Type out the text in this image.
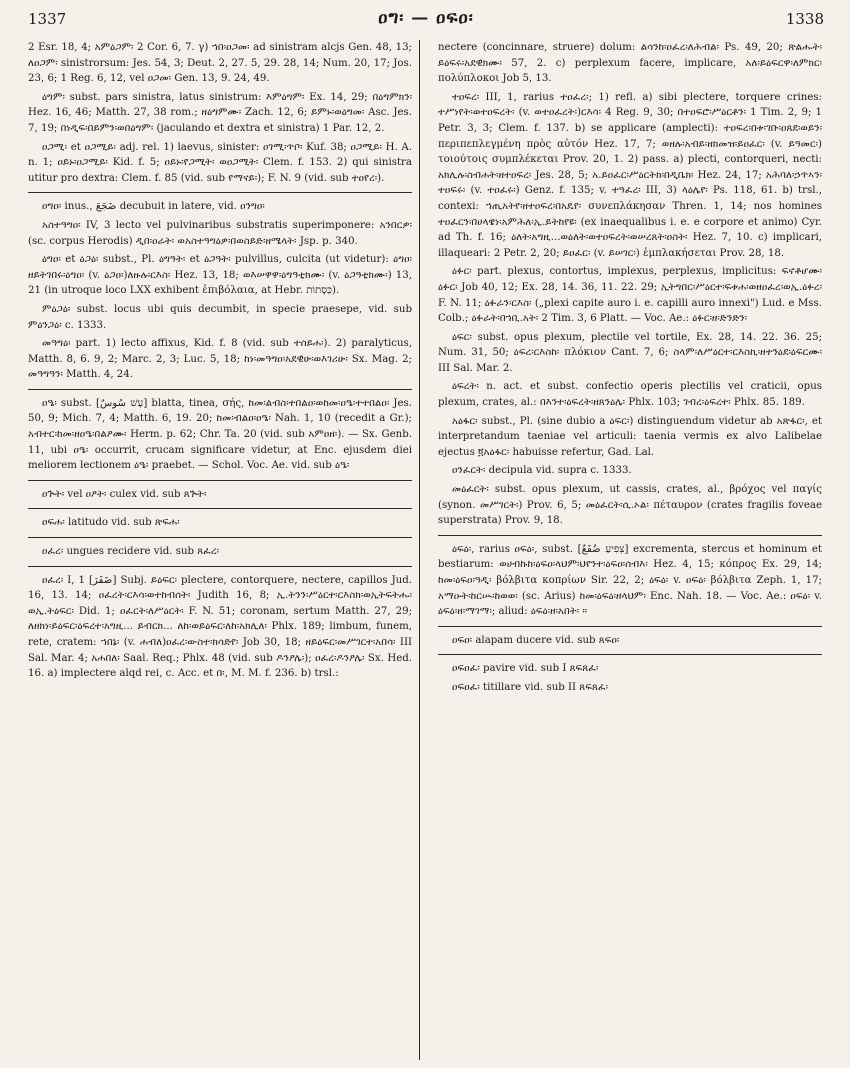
1337	ዐግ፡ — ዐፍዐ፡	1338

2 Esr. 18, 4; አምዕጋም፡ 2 Cor. 6, 7. γ) ኀበ፡ዐጋመ፡ ad sinistram alcjs Gen. 48, 13; ለዐጋም፡ sinistrorsum: Jes. 54, 3; Deut. 2, 27. 5, 29. 28, 14; Num. 20, 17; Jos. 23, 6; 1 Reg. 6, 12, vel ዐጋመ፡ Gen. 13, 9. 24, 49.

ዕግም፡ subst. pars sinistra, latus sinistrum: እምዕግም፡ Ex. 14, 29; በዕግምክን፡ Hez. 16, 46; Matth. 27, 38 rom.; ዘዕግምሙ፡ Zach. 12, 6; ይምኑ፡ወዕግመ፡ Asc. Jes. 7, 19; በነዲፍ፡በይምን፡ወበዕግም፡ (jaculando et dextra et sinistra) 1 Par. 12, 2.

ዐጋሚ፡ et ዐጋሚይ፡ adj. rel. 1) laevus, sinister: ዐገሚ፡ጥቦ፡ Kuf. 38; ዐጋሚይ፡ H. A. n. 1; ዐይኑ፡ዐጋሚይ፡ Kid. f. 5; ዐይኑ፡የጋሚት፡ ወዐጋሚት፡ Clem. f. 153. 2) qui sinistra utitur pro dextra: Clem. f. 85 (vid. sub የማናይ፡); F. N. 9 (vid. sub ተዐየረ፡).

ዐግዐ፡ inus., ضَجَعَ decubuit in latere, vid. ዐንግዐ፡

አስተዓግዐ፡ IV, 3 lecto vel pulvinaribus substratis superimponere: አንበርዎ፡ (sc. corpus Herodis) ዲበ፡ዐራት፡ ወአስተዓግዕዎ፡በወስይድ፡ዘሜላት፡ Jsp. p. 340.

ዕግዐ፡ et ዕጋዕ፡ subst., Pl. ዕግዓት፡ et ዕጋዓት፡ pulvillus, culcita (ut videtur): ዕግዐ፡ዘይትገበሩ፡ዕግዐ፡ (v. ዕጋዐ፡)ለዙሉ፡ርእስ፡ Hez. 13, 18; ወእሠዋዋ፡ዕግዓቲክሙ፡ (v. ዕጋዓቲክሙ፡) 13, 21 (in utroque loco LXX exhibent ἐπιβόλαια, at Hebr. כְּסָתוֹת).

ምዕጋዕ፡ subst. locus ubi quis decumbit, in specie praesepe, vid. sub ምዕንጋዕ፡ c. 1333.

መዓግዕ፡ part. 1) lecto affixus, Kid. f. 8 (vid. sub ተሰይሐ፡). 2) paralyticus, Matth. 8, 6. 9, 2; Marc. 2, 3; Luc. 5, 18; ከነ፡መዓግዐ፡አደዊሁ፡ወእገሪሁ፡ Sx. Mag. 2; መዓግዓን፡ Matth. 4, 24.

ዐዔ፡ subst. [עָשׁ سُوسٌ] blatta, tinea, σής, ከመ፡ልብስ፡ተበልዐ፡ወከመ፡ዐዔ፡ተተበልዐ፡ Jes. 50, 9; Mich. 7, 4; Matth. 6, 19. 20; ከመ፡ብልዐ፡ዐዔ፡ Nah. 1, 10 (recedit a Gr.); አብተር፡ከመ፡ዘዐዔ፡በልዖሙ፡ Herm. p. 62; Chr. Ta. 20 (vid. sub አምዐዘ፡). — Sx. Genb. 11, ubi ዐዔ፡ occurrit, crucam significare videtur, at Enc. ejusdem diei meliorem lectionem ዕዔ፡ praebet. — Schol. Voc. Ae. vid. sub ዕዔ፡

ዐጕት፡ vel ዐዖት፡ culex vid. sub ጸጕት፡

ዐፍሐ፡ latitudo vid. sub ጽፍሐ፡

ዐፈረ፡ ungues recidere vid. sub ጸፈረ፡

ዐፈረ፡ I, 1 [ضَفَرَ] Subj. ይዕፍር፡ plectere, contorquere, nectere, capillos Jud. 16, 13. 14; ዐፈረት፡ርእሳ፡ወተከብሰት፡ Judith 16, 8; ኢ.ትንን፡ሥዕርተ፡ርእስክ፡ወኢትፍትሑ፡ወኢ.ትዕፍር፡ Did. 1; ዐፈርት፡ለሥዕርት፡ F. N. 51; coronam, sertum Matth. 27, 29; ለዘክነ፡ይዕፍር፡ዕፍረተ፡አግዚ... ይብርክ... ለከ፡ወይዕፍር፡ለከ፡አክሊለ፡ Phlx. 189; limbum, funem, rete, cratem: ኀበኔ፡ (v. ሐብለ)ዐፈረ፡ውስተ፡ክሳድየ፡ Job 30, 18; ዘይዕፍር፡መሥገርተ፡አበሳ፡ III Sal. Mar. 4; አሐበለ፡ Saal. Req.; Phlx. 48 (vid. sub ዶንዖሌ፡); ዐፈረ፡ዶንዖሌ፡ Sx. Hed. 16. a) implectere alqd rei, c. Acc. et በ፡, M. M. f. 236. b) trsl.:

nectere (concinnare, struere) dolum: ልሳንከ፡ዐፈረ፡ለሕብል፡ Ps. 49, 20; ጽልሑት፡ይዕፍሩ፡አደዊክሙ፡ 57, 2. c) perplexum facere, implicare, አለ፡ይዕፍርዋ፡ለምክር፡ πολύπλοκοι Job 5, 13.

ተዐፍረ፡ III, 1, rarius ተዐፈረ፡; 1) refl. a) sibi plectere, torquere crines: ተሥነየት፡ወተዐፍረት፡ (v. ወተዐፈረት፡)ርእሳ፡ 4 Reg. 9, 30; በተዐፍሮ፡ሥዕርቶን፡ 1 Tim. 2, 9; 1 Petr. 3, 3; Clem. f. 137. b) se applicare (amplecti): ተዐፍረ፡በቱ፡ገቡ፡ዐጸደ፡ወይን፡ περιπεπλεγμένη πρὸς αὐτόν Hez. 17, 7; ወዘሉ፡አብይ፡ዘክመዝ፡ይዐፈር፡ (v. ይዓመር፡) τοιούτοις συμπλέκεται Prov. 20, 1. 2) pass. a) plecti, contorqueri, necti: አክሊሉ፡ስብሐት፡ዘተዐፍረ፡ Jes. 28, 5; አ.ይዐፈር፡ሥዕርትክ፡በዲቤክ፡ Hez. 24, 17; አሕባለ፡ኃጥኣን፡ተዐፍሩ፡ (v. ተዐፈሩ፡) Genz. f. 135; v. ተዓፈረ፡ III, 3) ላዕሌየ፡ Ps. 118, 61. b) trsl., contexi: ኀጢአትየ፡ዘተዐፍረ፡በአዴየ፡ συνεπλάκησαν Thren. 1, 14; nos homines ተዐፈርን፡በሀላዌነ፡አምሕለ፡ኢ.ይትከየዩ፡ (ex inaequalibus i. e. e corpore et animo) Cyr. ad Th. f. 16; ዕለት፡አግዚ...ወዕለት፡ወተዐፍረት፡ወሠረጸት፡ዐስት፡ Hez. 7, 10. c) implicari, illaqueari: 2 Petr. 2, 20; ይዐፈር፡ (v. ይሠገር፡) ἐμπλακήσεται Prov. 28, 18.

ዕፉር፡ part. plexus, contortus, implexus, perplexus, implicitus: ፍኖቶሆሙ፡ዕፉር፡ Job 40, 12; Ex. 28, 14. 36, 11. 22. 29; ኢትግበር፡ሥዕርተ፡ፍቱሐ፡ወዘዐፈረ፡ወኢ.ዕፉረ፡ F. N. 11; ዕፉራን፡ርእስ፡ („plexi capite auro i. e. capilli auro innexi") Lud. e Mss. Colb.; ዕፉራት፡በኀቢ.አት፡ 2 Tim. 3, 6 Platt. — Voc. Ae.: ዕፉር፡ዘ፡ድንድን፡

ዕፍር፡ subst. opus plexum, plectile vel tortile, Ex. 28, 14. 22. 36. 25; Num. 31, 50; ዕፍረ፡ርእስከ፡ πλόκιον Cant. 7, 6; ስላም፡ለሥዕርተ፡ርእስኪ፡ዘተንዕደ፡ዕፍርሙ፡ III Sal. Mar. 2.

ዕፍረት፡ n. act. et subst. confectio operis plectilis vel craticii, opus plexum, crates, al.: በእንተ፡ዕፍረት፡ዘጸንዕሌ፡ Phlx. 103; ገብረ፡ዕፍረተ፡ Phlx. 85. 189.

አዕፋር፡ subst., Pl. (sine dubio a ዕፍር፡) distinguendum videtur ab አጽፋር፡, et interpretandum taeniae vel articuli: taenia vermis ex alvo Lalibelae ejectus ፬አዕፋር፡ habuisse refertur, Gad. Lal.

ዐንፈርት፡ decipula vid. supra c. 1333.

መዕፈርት፡ subst. opus plexum, ut cassis, crates, al., βρόχος vel παγίς (synon. መሥገርት፡) Prov. 6, 5; መዕፈርት፡ሲ.ኦል፡ πέταυρον (crates fragilis foveae superstrata) Prov. 9, 18.

ዕፍዕ፡, rarius ዐፍዕ፡, subst. [צְפִיעַ ضُفَعٌ] excrementa, stercus et hominum et bestiarum: ወሀብኩከ፡ዕፍዐ፡ላህም፡ህየንተ፡ዕፍዐ፡ሰብእ፡ Hez. 4, 15; κόπρος Ex. 29, 14; ከመ፡ዕፍዐ፡ዓዲ፡ βόλβιτα κοπρίων Sir. 22, 2; ዕፍዕ፡ v. ዐፍዕ፡ βόλβιτα Zeph. 1, 17; አማዑት፡ከርሡ፡ከወወ፡ (sc. Arius) ከመ፡ዕፍዕ፡ዘላህም፡ Enc. Nah. 18. — Voc. Ae.: ዐፍዕ፡ v. ዕፍዕ፡ዘ፡ማገማ፡; aliud: ዕፍዕ፡ዘ፡አበት፡ ።

ዐፍዐ፡ alapam ducere vid. sub ጸፍዐ፡

ዐፍዐፈ፡ pavire vid. sub I ጸፍጸፈ፡

ዐፍዐፈ፡ titillare vid. sub II ጸፍጸፈ፡
